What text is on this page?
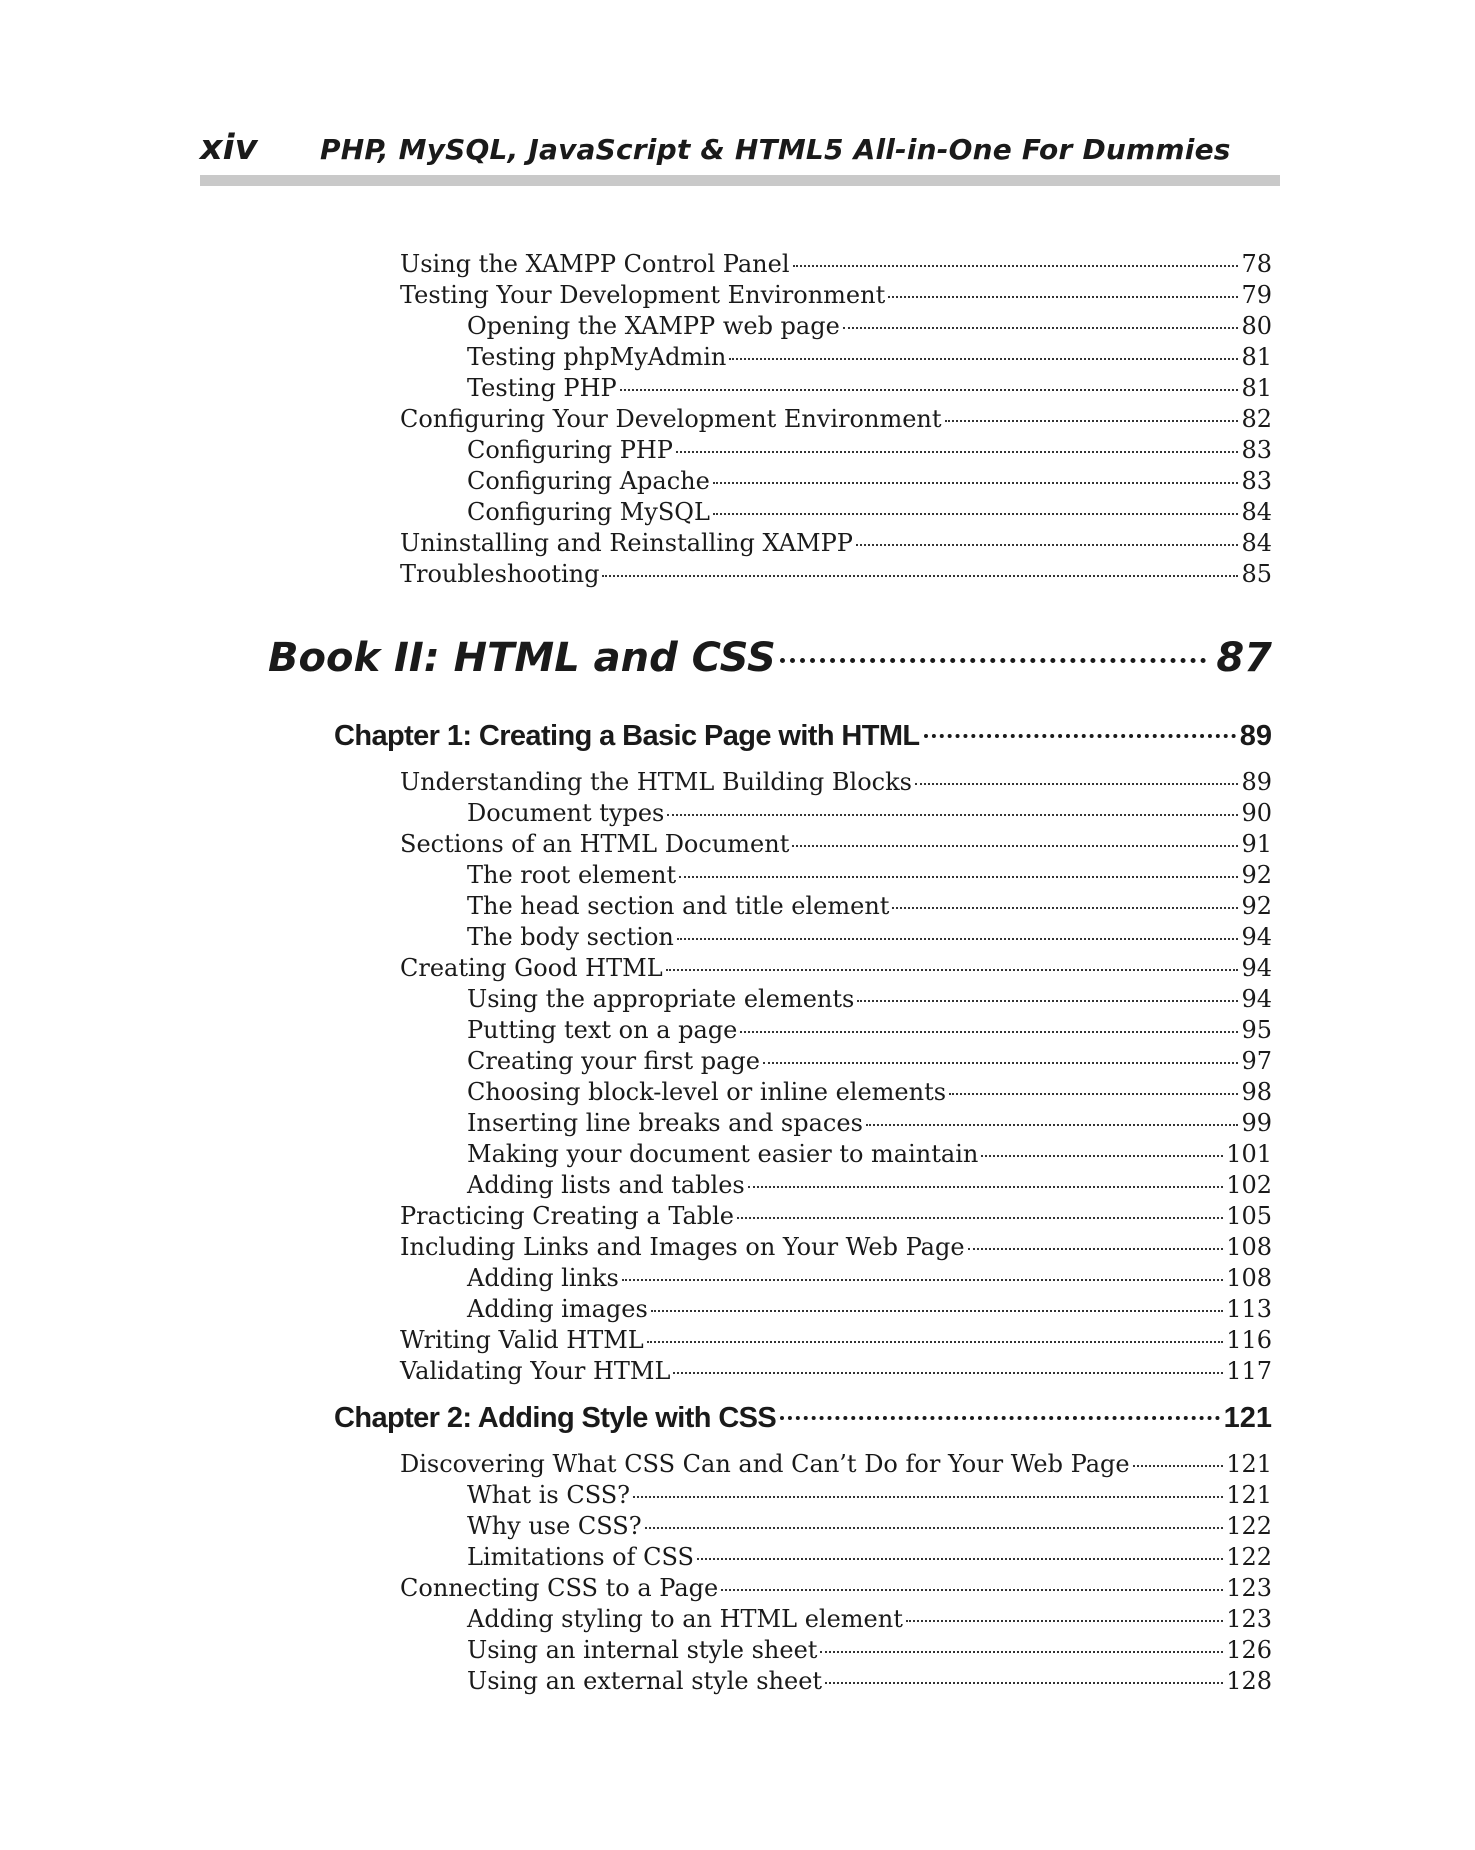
xiv PHP, MySQL, JavaScript & HTML5 All-in-One For Dummies
Book II: HTML and CSS	87
Using the XAMPP Control Panel	78
Testing Your Development Environment	79
Opening the XAMPP web page	80
Testing phpMyAdmin	81
Testing PHP	81
Configuring Your Development Environment	82
Configuring PHP	83
Configuring Apache	83
Configuring MySQL	84
Uninstalling and Reinstalling XAMPP	84
Troubleshooting	85
Chapter 1: Creating a Basic Page with HTML	89
Understanding the HTML Building Blocks	89
Document types	90
Sections of an HTML Document	91
The root element	92
The head section and title element	92
The body section	94
Creating Good HTML	94
Using the appropriate elements	94
Putting text on a page	95
Creating your first page	97
Choosing block-level or inline elements	98
Inserting line breaks and spaces	99
Making your document easier to maintain	101
Adding lists and tables	102
Practicing Creating a Table	105
Including Links and Images on Your Web Page	108
Adding links	108
Adding images	113
Writing Valid HTML	116
Validating Your HTML	117
Chapter 2: Adding Style with CSS	121
Discovering What CSS Can and Can’t Do for Your Web Page	121
What is CSS?	121
Why use CSS?	122
Limitations of CSS	122
Connecting CSS to a Page	123
Adding styling to an HTML element	123
Using an internal style sheet	126
Using an external style sheet	128
